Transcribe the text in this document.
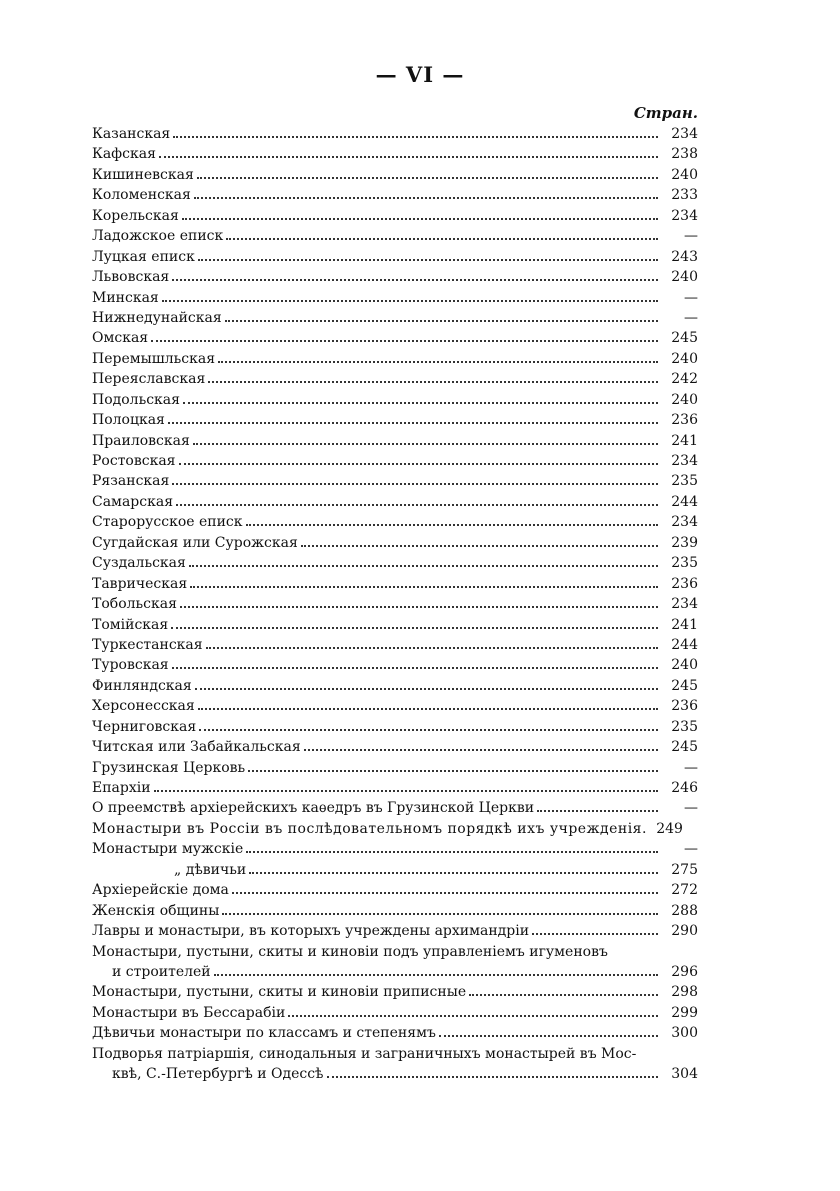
— VI —
Стран.
Казанская	234
Кафская	238
Кишиневская	240
Коломенская	233
Корельская	234
Ладожское еписк	—
Луцкая еписк	243
Львовская	240
Минская	—
Нижнедунайская	—
Омская	245
Перемышльская	240
Переяславская	242
Подольская	240
Полоцкая	236
Праиловская	241
Ростовская	234
Рязанская	235
Самарская	244
Старорусское еписк	234
Сугдайская или Сурожская	239
Суздальская	235
Таврическая	236
Тобольская	234
Томійская	241
Туркестанская	244
Туровская	240
Финляндская	245
Херсонесская	236
Черниговская	235
Читская или Забайкальская	245
Грузинская Церковь	—
Епархіи	246
О преемствѣ архіерейскихъ каѳедръ въ Грузинской Церкви	—
Монастыри въ Россіи въ послѣдовательномъ порядкѣ ихъ учрежденія. 249
Монастыри мужскіе	—
„ дѣвичьи	275
Архіерейскіе дома	272
Женскія общины	288
Лавры и монастыри, въ которыхъ учреждены архимандріи	290
Монастыри, пустыни, скиты и киновіи подъ управленіемъ игуменовъ
и строителей	296
Монастыри, пустыни, скиты и киновіи приписные	298
Монастыри въ Бессарабіи	299
Дѣвичьи монастыри по классамъ и степенямъ	300
Подворья патріаршія, синодальныя и заграничныхъ монастырей въ Мос-
квѣ, С.-Петербургѣ и Одессѣ	304
